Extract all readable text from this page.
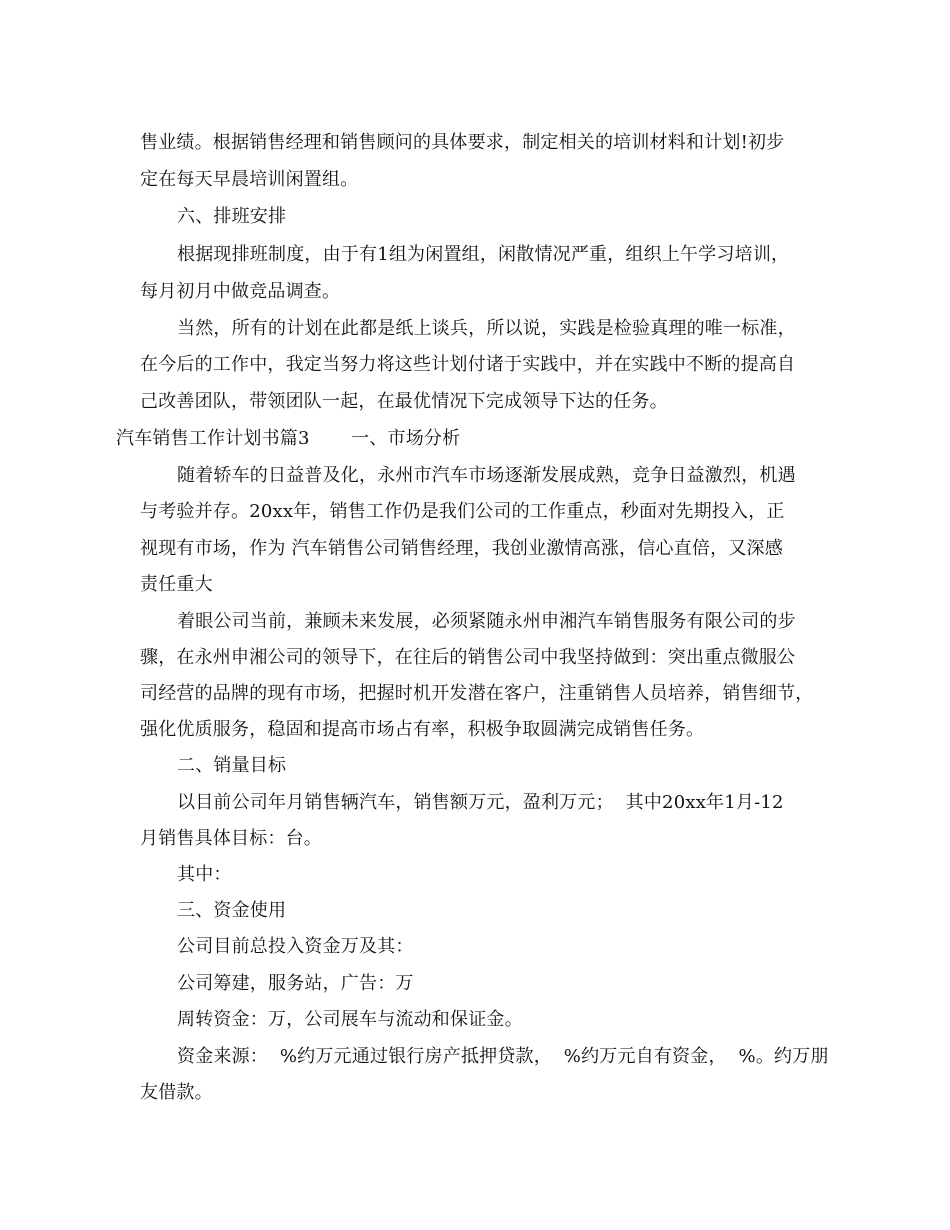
售业绩。根据销售经理和销售顾问的具体要求，制定相关的培训材料和计划!初步
定在每天早晨培训闲置组。
六、排班安排
根据现排班制度，由于有1组为闲置组，闲散情况严重，组织上午学习培训，
每月初月中做竞品调查。
当然，所有的计划在此都是纸上谈兵，所以说，实践是检验真理的唯一标准，
在今后的工作中，我定当努力将这些计划付诸于实践中，并在实践中不断的提高自
己改善团队，带领团队一起，在最优情况下完成领导下达的任务。
汽车销售工作计划书篇3       一、市场分析
随着轿车的日益普及化，永州市汽车市场逐渐发展成熟，竞争日益激烈，机遇
与考验并存。20xx年，销售工作仍是我们公司的工作重点，秒面对先期投入，正
视现有市场，作为 汽车销售公司销售经理，我创业激情高涨，信心直倍，又深感
责任重大
着眼公司当前，兼顾未来发展，必须紧随永州申湘汽车销售服务有限公司的步
骤，在永州申湘公司的领导下，在往后的销售公司中我坚持做到：突出重点微服公
司经营的品牌的现有市场，把握时机开发潜在客户，注重销售人员培养，销售细节，
强化优质服务，稳固和提高市场占有率，积极争取圆满完成销售任务。
二、销量目标
以目前公司年月销售辆汽车，销售额万元，盈利万元；  其中20xx年1月-12
月销售具体目标：台。
其中：
三、资金使用
公司目前总投入资金万及其：
公司筹建，服务站，广告：万
周转资金：万，公司展车与流动和保证金。
资金来源：  %约万元通过银行房产抵押贷款，  %约万元自有资金，  %。约万朋
友借款。
